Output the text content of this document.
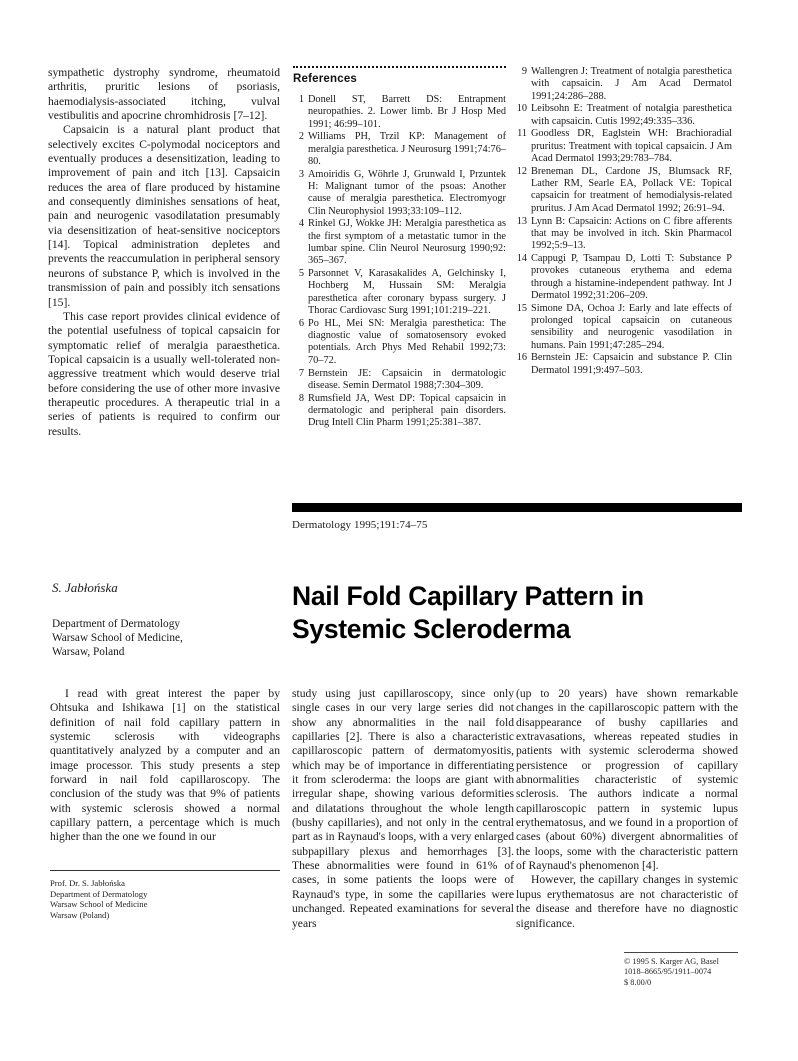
sympathetic dystrophy syndrome, rheumatoid arthritis, pruritic lesions of psoriasis, haemodialysis-associated itching, vulval vestibulitis and apocrine chromhidrosis [7–12].

Capsaicin is a natural plant product that selectively excites C-polymodal nociceptors and eventually produces a desensitization, leading to improvement of pain and itch [13]. Capsaicin reduces the area of flare produced by histamine and consequently diminishes sensations of heat, pain and neurogenic vasodilatation presumably via desensitization of heat-sensitive nociceptors [14]. Topical administration depletes and prevents the reaccumulation in peripheral sensory neurons of substance P, which is involved in the transmission of pain and possibly itch sensations [15].

This case report provides clinical evidence of the potential usefulness of topical capsaicin for symptomatic relief of meralgia paraesthetica. Topical capsaicin is a usually well-tolerated non-aggressive treatment which would deserve trial before considering the use of other more invasive therapeutic procedures. A therapeutic trial in a series of patients is required to confirm our results.

References
1 Donell ST, Barrett DS: Entrapment neuropathies. 2. Lower limb. Br J Hosp Med 1991; 46:99–101.
2 Williams PH, Trzil KP: Management of meralgia paresthetica. J Neurosurg 1991;74:76–80.
3 Amoiridis G, Wöhrle J, Grunwald I, Przuntek H: Malignant tumor of the psoas: Another cause of meralgia paresthetica. Electromyogr Clin Neurophysiol 1993;33:109–112.
4 Rinkel GJ, Wokke JH: Meralgia paresthetica as the first symptom of a metastatic tumor in the lumbar spine. Clin Neurol Neurosurg 1990;92: 365–367.
5 Parsonnet V, Karasakalides A, Gelchinsky I, Hochberg M, Hussain SM: Meralgia paresthetica after coronary bypass surgery. J Thorac Cardiovasc Surg 1991;101:219–221.
6 Po HL, Mei SN: Meralgia paresthetica: The diagnostic value of somatosensory evoked potentials. Arch Phys Med Rehabil 1992;73: 70–72.
7 Bernstein JE: Capsaicin in dermatologic disease. Semin Dermatol 1988;7:304–309.
8 Rumsfield JA, West DP: Topical capsaicin in dermatologic and peripheral pain disorders. Drug Intell Clin Pharm 1991;25:381–387.
9 Wallengren J: Treatment of notalgia paresthetica with capsaicin. J Am Acad Dermatol 1991;24:286–288.
10 Leibsohn E: Treatment of notalgia paresthetica with capsaicin. Cutis 1992;49:335–336.
11 Goodless DR, Eaglstein WH: Brachioradial pruritus: Treatment with topical capsaicin. J Am Acad Dermatol 1993;29:783–784.
12 Breneman DL, Cardone JS, Blumsack RF, Lather RM, Searle EA, Pollack VE: Topical capsaicin for treatment of hemodialysis-related pruritus. J Am Acad Dermatol 1992; 26:91–94.
13 Lynn B: Capsaicin: Actions on C fibre afferents that may be involved in itch. Skin Pharmacol 1992;5:9–13.
14 Cappugi P, Tsampau D, Lotti T: Substance P provokes cutaneous erythema and edema through a histamine-independent pathway. Int J Dermatol 1992;31:206–209.
15 Simone DA, Ochoa J: Early and late effects of prolonged topical capsaicin on cutaneous sensibility and neurogenic vasodilation in humans. Pain 1991;47:285–294.
16 Bernstein JE: Capsaicin and substance P. Clin Dermatol 1991;9:497–503.
Dermatology 1995;191:74–75
Nail Fold Capillary Pattern in Systemic Scleroderma
S. Jabłońska
Department of Dermatology
Warsaw School of Medicine,
Warsaw, Poland

I read with great interest the paper by Ohtsuka and Ishikawa [1] on the statistical definition of nail fold capillary pattern in systemic sclerosis with videographs quantitatively analyzed by a computer and an image processor. This study presents a step forward in nail fold capillaroscopy. The conclusion of the study was that 9% of patients with systemic sclerosis showed a normal capillary pattern, a percentage which is much higher than the one we found in our

study using just capillaroscopy, since only single cases in our very large series did not show any abnormalities in the nail fold capillaries [2]. There is also a characteristic capillaroscopic pattern of dermatomyositis, which may be of importance in differentiating it from scleroderma: the loops are giant with irregular shape, showing various deformities and dilatations throughout the whole length (bushy capillaries), and not only in the central part as in Raynaud's loops, with a very enlarged subpapillary plexus and hemorrhages [3]. These abnormalities were found in 61% of cases, in some patients the loops were of Raynaud's type, in some the capillaries were unchanged. Repeated examinations for several years

(up to 20 years) have shown remarkable changes in the capillaroscopic pattern with the disappearance of bushy capillaries and extravasations, whereas repeated studies in patients with systemic scleroderma showed persistence or progression of capillary abnormalities characteristic of systemic sclerosis. The authors indicate a normal capillaroscopic pattern in systemic lupus erythematosus, and we found in a proportion of cases (about 60%) divergent abnormalities of the loops, some with the characteristic pattern of Raynaud's phenomenon [4].

However, the capillary changes in systemic lupus erythematosus are not characteristic of the disease and therefore have no diagnostic significance.

Prof. Dr. S. Jabłońska
Department of Dermatology
Warsaw School of Medicine
Warsaw (Poland)
© 1995 S. Karger AG, Basel
1018–8665/95/1911–0074
$ 8.00/0
